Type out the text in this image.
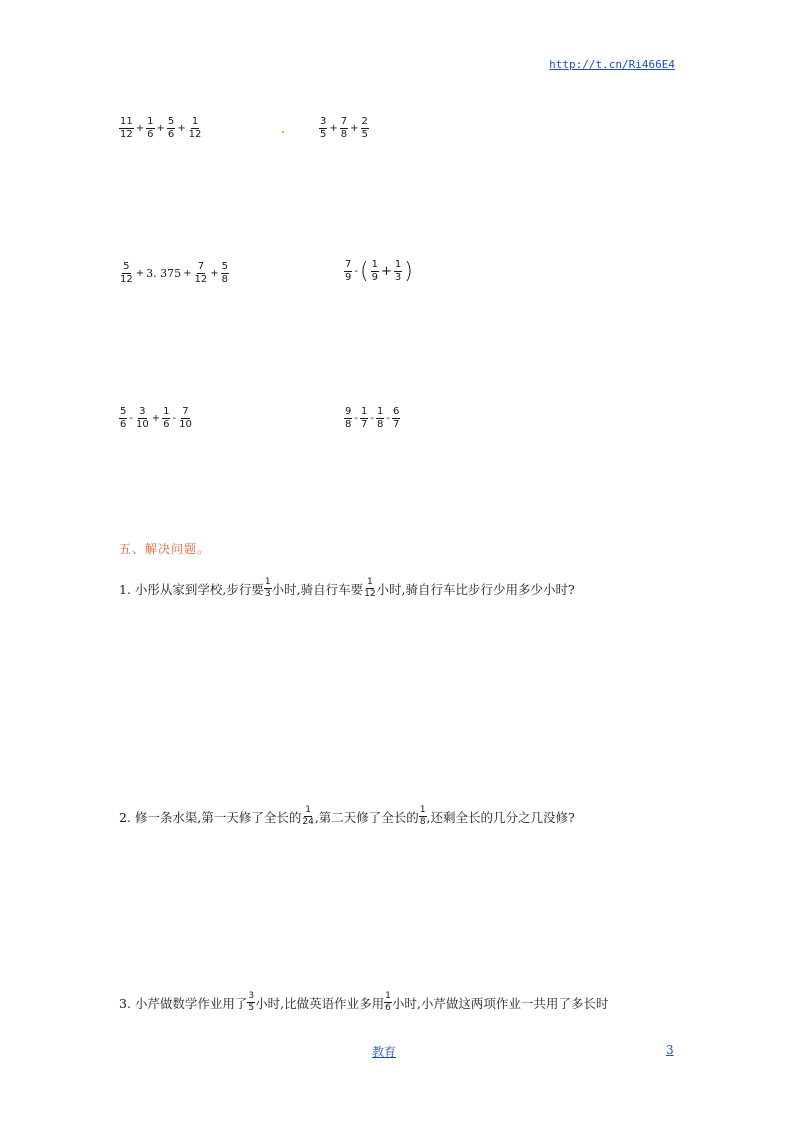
http://t.cn/Ri466E4
$\frac{11}{12} + \frac{1}{6} + \frac{5}{6} + \frac{1}{12}$	$\frac{3}{5} + \frac{7}{8} + \frac{2}{5}$
$\frac{5}{12} + 3$. $375 + \frac{7}{12} + \frac{5}{8}$	$\frac{7}{9}$ - ( $\frac{1}{9} + \frac{1}{3}$ )
$\frac{5}{6} - \frac{3}{10} + \frac{1}{6} - \frac{7}{10}$	$\frac{9}{8} - \frac{1}{7} - \frac{1}{8} - \frac{6}{7}$
五、解决问题。
1. 小彤从家到学校,步行要 $\frac{1}{3}$ 小时,骑自行车要 $\frac{1}{12}$ 小时,骑自行车比步行少用多少小时?
2. 修一条水渠,第一天修了全长的 $\frac{1}{24}$ ,第二天修了全长的 $\frac{1}{8}$ ,还剩全长的几分之几没修?
3. 小芹做数学作业用了 $\frac{3}{5}$ 小时,比做英语作业多用 $\frac{1}{6}$ 小时,小芹做这两项作业一共用了多长时
教育	3
